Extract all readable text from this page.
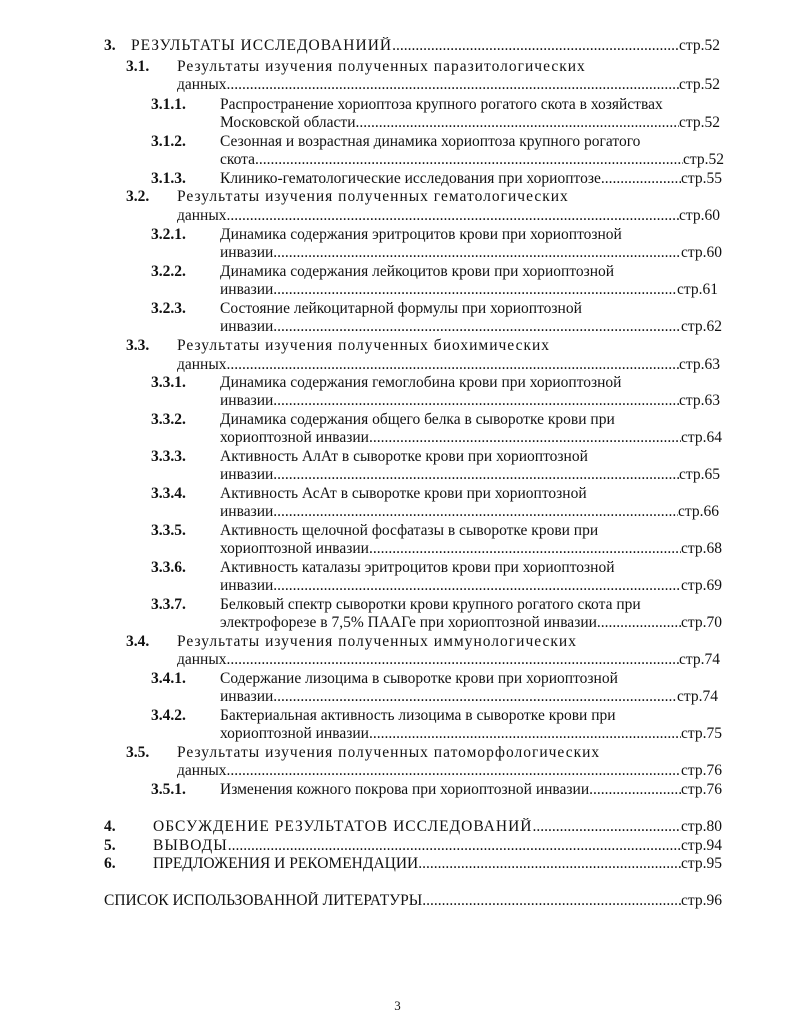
3. РЕЗУЛЬТАТЫ ИССЛЕДОВАНИИЙ .....	стр.52
3.1. Результаты изучения полученных паразитологических
данных .....	стр.52
3.1.1. Распространение хориоптоза крупного рогатого скота в хозяйствах
Московской области .....	стр.52
3.1.2. Сезонная и возрастная динамика хориоптоза крупного рогатого
скота .....	стр.52
3.1.3. Клинико-гематологические исследования при хориоптозе .....	стр.55
3.2. Результаты изучения полученных гематологических
данных .....	стр.60
3.2.1. Динамика содержания эритроцитов крови при хориоптозной
инвазии .....	стр.60
3.2.2. Динамика содержания лейкоцитов крови при хориоптозной
инвазии .....	стр.61
3.2.3. Состояние лейкоцитарной формулы при хориоптозной
инвазии .....	стр.62
3.3. Результаты изучения полученных биохимических
данных .....	стр.63
3.3.1. Динамика содержания гемоглобина крови при хориоптозной
инвазии .....	стр.63
3.3.2. Динамика содержания общего белка в сыворотке крови при
хориоптозной инвазии .....	стр.64
3.3.3. Активность АлАт в сыворотке крови при хориоптозной
инвазии .....	стр.65
3.3.4. Активность АсАт в сыворотке крови при хориоптозной
инвазии .....	стр.66
3.3.5. Активность щелочной фосфатазы в сыворотке крови при
хориоптозной инвазии .....	стр.68
3.3.6. Активность каталазы эритроцитов крови при хориоптозной
инвазии .....	стр.69
3.3.7. Белковый спектр сыворотки крови крупного рогатого скота при
электрофорезе в 7,5% ПААГе при хориоптозной инвазии .....	стр.70
3.4. Результаты изучения полученных иммунологических
данных .....	стр.74
3.4.1. Содержание лизоцима в сыворотке крови при хориоптозной
инвазии .....	стр.74
3.4.2. Бактериальная активность лизоцима в сыворотке крови при
хориоптозной инвазии .....	стр.75
3.5. Результаты изучения полученных патоморфологических
данных .....	стр.76
3.5.1. Изменения кожного покрова при хориоптозной инвазии .....	стр.76
4. ОБСУЖДЕНИЕ РЕЗУЛЬТАТОВ ИССЛЕДОВАНИЙ .....	стр.80
5. ВЫВОДЫ .....	стр.94
6. ПРЕДЛОЖЕНИЯ И РЕКОМЕНДАЦИИ .....	стр.95
СПИСОК ИСПОЛЬЗОВАННОЙ ЛИТЕРАТУРЫ .....	стр.96
3
